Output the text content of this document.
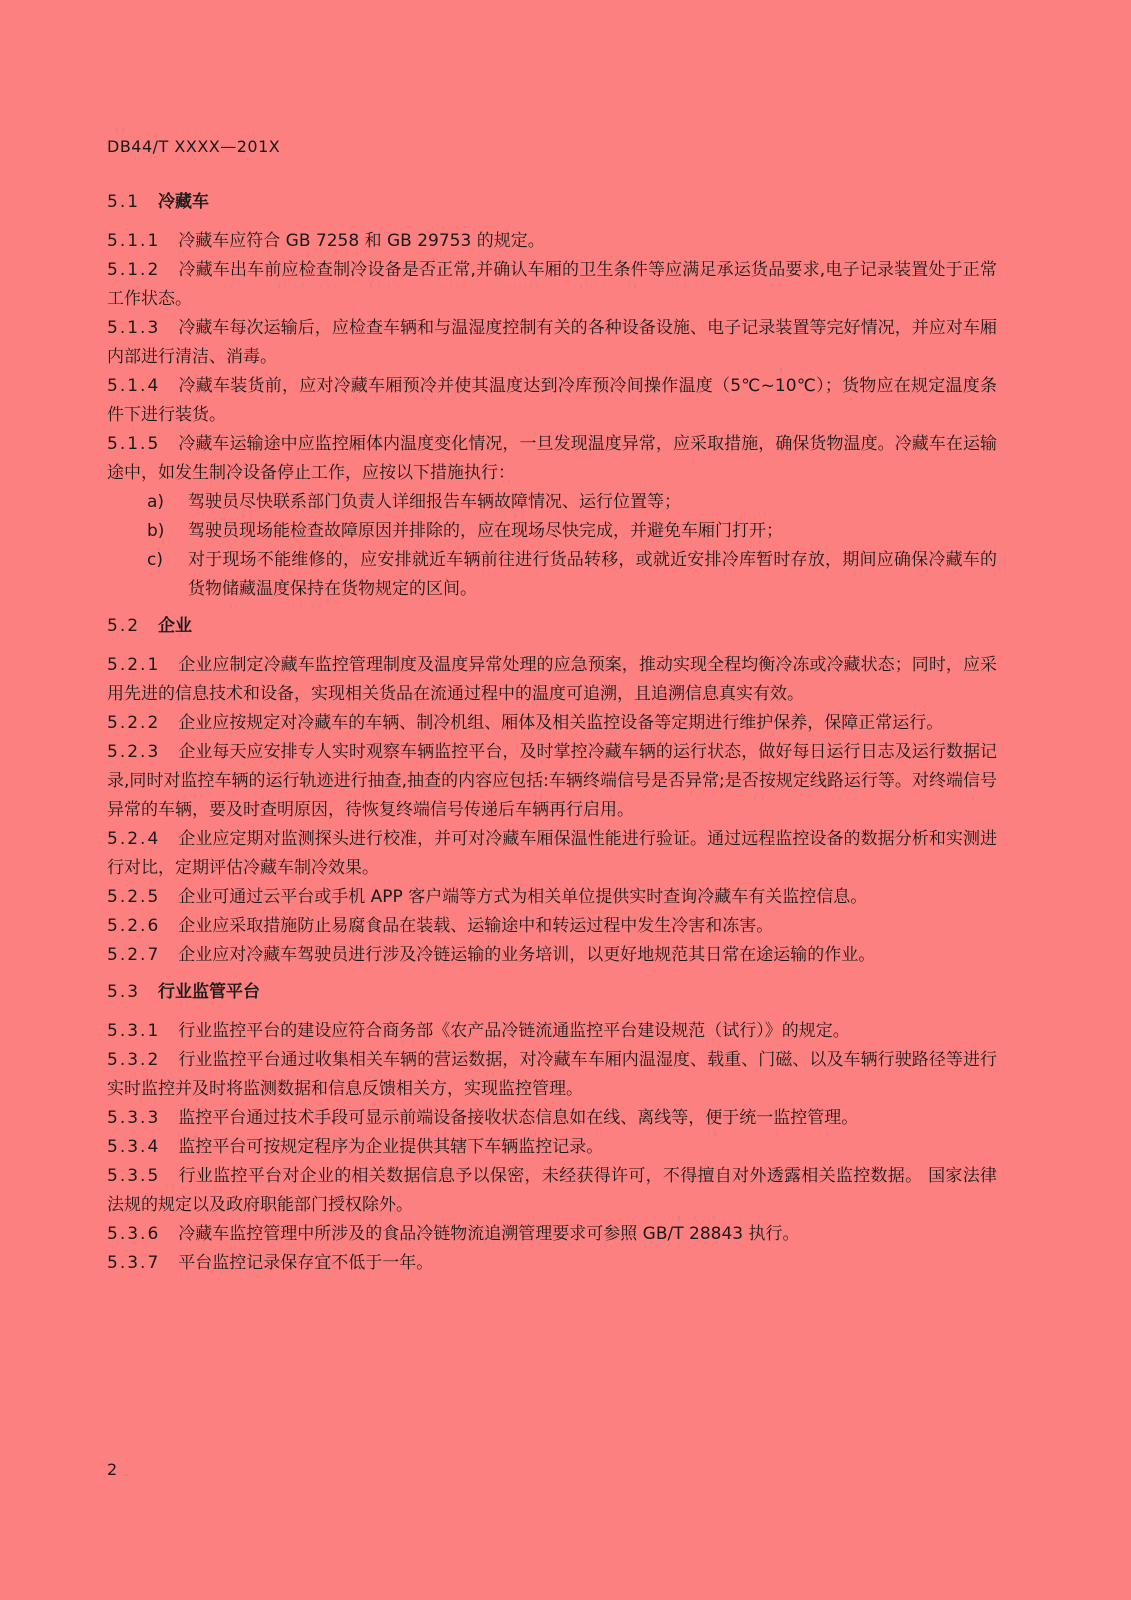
DB44/T XXXX—201X
5.1 冷藏车

5.1.1 冷藏车应符合 GB 7258 和 GB 29753 的规定。

5.1.2 冷藏车出车前应检查制冷设备是否正常,并确认车厢的卫生条件等应满足承运货品要求,电子记录装置处于正常工作状态。

5.1.3 冷藏车每次运输后，应检查车辆和与温湿度控制有关的各种设备设施、电子记录装置等完好情况，并应对车厢内部进行清洁、消毒。

5.1.4 冷藏车装货前，应对冷藏车厢预冷并使其温度达到冷库预冷间操作温度（5℃~10℃）；货物应在规定温度条件下进行装货。

5.1.5 冷藏车运输途中应监控厢体内温度变化情况，一旦发现温度异常，应采取措施，确保货物温度。冷藏车在运输途中，如发生制冷设备停止工作，应按以下措施执行：

a) 驾驶员尽快联系部门负责人详细报告车辆故障情况、运行位置等；
b) 驾驶员现场能检查故障原因并排除的，应在现场尽快完成，并避免车厢门打开；
c) 对于现场不能维修的，应安排就近车辆前往进行货品转移，或就近安排冷库暂时存放，期间应确保冷藏车的货物储藏温度保持在货物规定的区间。
5.2 企业

5.2.1 企业应制定冷藏车监控管理制度及温度异常处理的应急预案，推动实现全程均衡冷冻或冷藏状态；同时，应采用先进的信息技术和设备，实现相关货品在流通过程中的温度可追溯，且追溯信息真实有效。

5.2.2 企业应按规定对冷藏车的车辆、制冷机组、厢体及相关监控设备等定期进行维护保养，保障正常运行。

5.2.3 企业每天应安排专人实时观察车辆监控平台，及时掌控冷藏车辆的运行状态，做好每日运行日志及运行数据记录,同时对监控车辆的运行轨迹进行抽查,抽查的内容应包括:车辆终端信号是否异常;是否按规定线路运行等。对终端信号异常的车辆，要及时查明原因，待恢复终端信号传递后车辆再行启用。

5.2.4 企业应定期对监测探头进行校准，并可对冷藏车厢保温性能进行验证。通过远程监控设备的数据分析和实测进行对比，定期评估冷藏车制冷效果。

5.2.5 企业可通过云平台或手机 APP 客户端等方式为相关单位提供实时查询冷藏车有关监控信息。

5.2.6 企业应采取措施防止易腐食品在装载、运输途中和转运过程中发生冷害和冻害。

5.2.7 企业应对冷藏车驾驶员进行涉及冷链运输的业务培训，以更好地规范其日常在途运输的作业。

5.3 行业监管平台

5.3.1 行业监控平台的建设应符合商务部《农产品冷链流通监控平台建设规范（试行）》的规定。

5.3.2 行业监控平台通过收集相关车辆的营运数据，对冷藏车车厢内温湿度、载重、门磁、以及车辆行驶路径等进行实时监控并及时将监测数据和信息反馈相关方，实现监控管理。

5.3.3 监控平台通过技术手段可显示前端设备接收状态信息如在线、离线等，便于统一监控管理。

5.3.4 监控平台可按规定程序为企业提供其辖下车辆监控记录。

5.3.5 行业监控平台对企业的相关数据信息予以保密，未经获得许可，不得擅自对外透露相关监控数据。 国家法律法规的规定以及政府职能部门授权除外。

5.3.6 冷藏车监控管理中所涉及的食品冷链物流追溯管理要求可参照 GB/T 28843 执行。

5.3.7 平台监控记录保存宜不低于一年。

2
